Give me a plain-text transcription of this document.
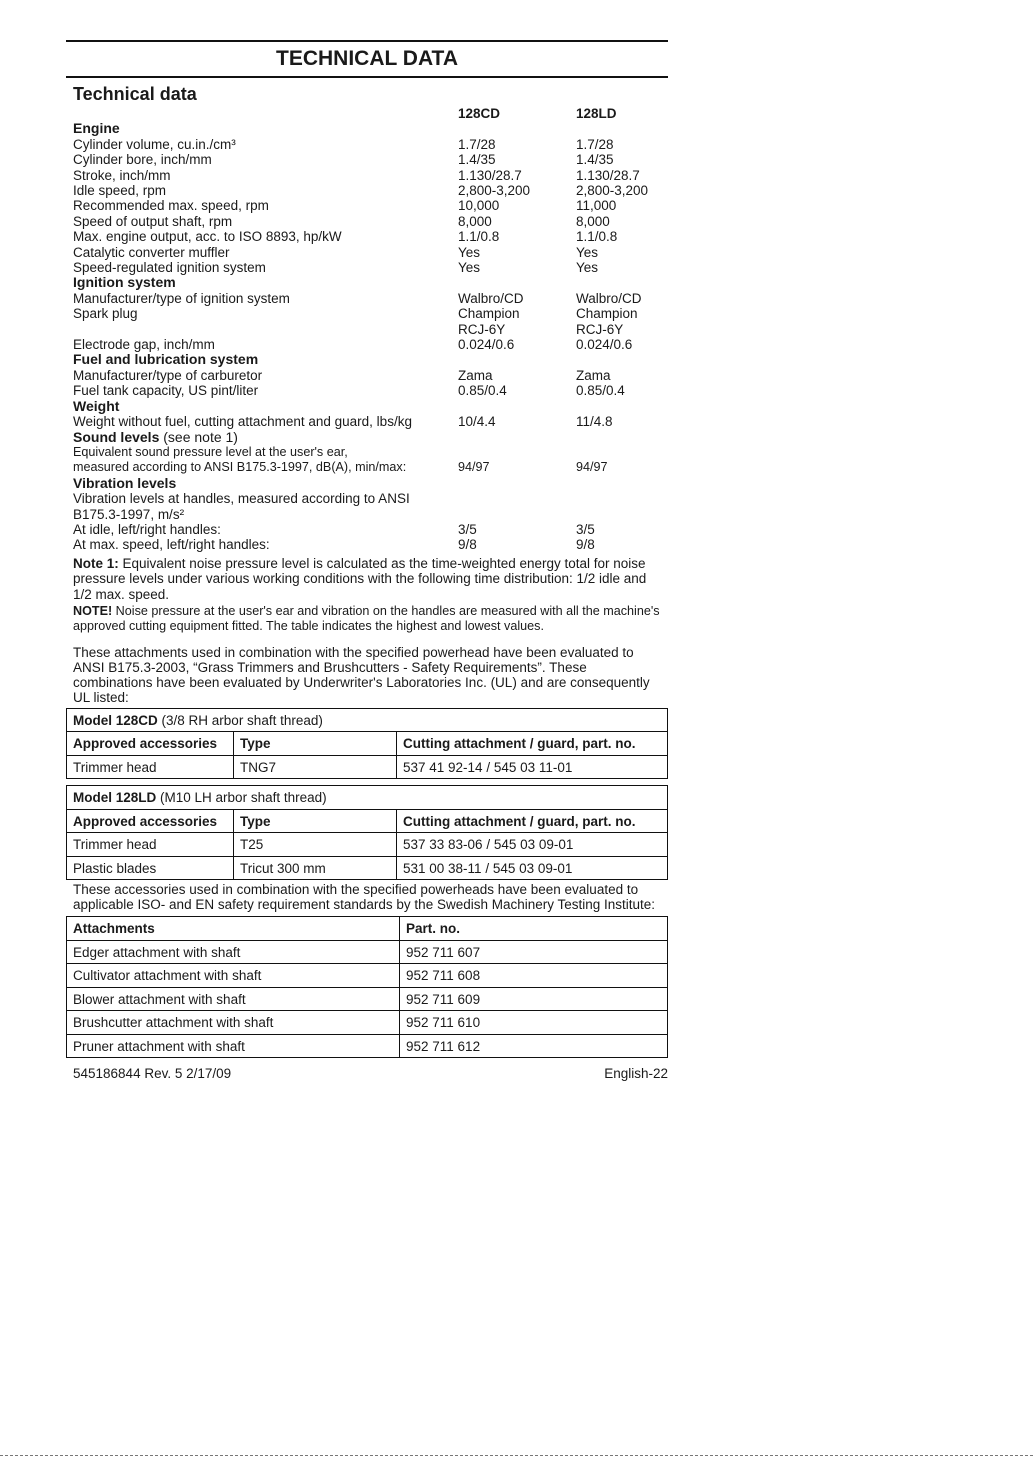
TECHNICAL DATA
Technical data
128CD	128LD
Engine
Cylinder volume, cu.in./cm³	1.7/28	1.7/28
Cylinder bore, inch/mm	1.4/35	1.4/35
Stroke, inch/mm	1.130/28.7	1.130/28.7
Idle speed, rpm	2,800-3,200	2,800-3,200
Recommended max. speed, rpm	10,000	11,000
Speed of output shaft, rpm	8,000	8,000
Max. engine output, acc. to ISO 8893, hp/kW	1.1/0.8	1.1/0.8
Catalytic converter muffler	Yes	Yes
Speed-regulated ignition system	Yes	Yes
Ignition system
Manufacturer/type of ignition system	Walbro/CD	Walbro/CD
Spark plug	Champion	Champion
RCJ-6Y	RCJ-6Y
Electrode gap, inch/mm	0.024/0.6	0.024/0.6
Fuel and lubrication system
Manufacturer/type of carburetor	Zama	Zama
Fuel tank capacity, US pint/liter	0.85/0.4	0.85/0.4
Weight
Weight without fuel, cutting attachment and guard, lbs/kg	10/4.4	11/4.8
Sound levels (see note 1)
Equivalent sound pressure level at the user's ear,
measured according to ANSI B175.3-1997, dB(A), min/max:	94/97	94/97
Vibration levels
Vibration levels at handles, measured according to ANSI
B175.3-1997, m/s²
At idle, left/right handles:	3/5	3/5
At max. speed, left/right handles:	9/8	9/8
Note 1: Equivalent noise pressure level is calculated as the time-weighted energy total for noise pressure levels under various working conditions with the following time distribution: 1/2 idle and 1/2 max. speed.
NOTE! Noise pressure at the user's ear and vibration on the handles are measured with all the machine's approved cutting equipment fitted. The table indicates the highest and lowest values.
These attachments used in combination with the specified powerhead have been evaluated to ANSI B175.3-2003, “Grass Trimmers and Brushcutters - Safety Requirements”. These combinations have been evaluated by Underwriter's Laboratories Inc. (UL) and are consequently UL listed:
Model 128CD (3/8 RH arbor shaft thread)		
Approved accessories	Type	Cutting attachment / guard, part. no.
Trimmer head	TNG7	537 41 92-14 / 545 03 11-01
Model 128LD (M10 LH arbor shaft thread)		
Approved accessories	Type	Cutting attachment / guard, part. no.
Trimmer head	T25	537 33 83-06 / 545 03 09-01
Plastic blades	Tricut 300 mm	531 00 38-11 / 545 03 09-01
These accessories used in combination with the specified powerheads have been evaluated to applicable ISO- and EN safety requirement standards by the Swedish Machinery Testing Institute:
Attachments	Part. no.
Edger attachment with shaft	952 711 607
Cultivator attachment with shaft	952 711 608
Blower attachment with shaft	952 711 609
Brushcutter attachment with shaft	952 711 610
Pruner attachment with shaft	952 711 612
545186844 Rev. 5 2/17/09	English-22
